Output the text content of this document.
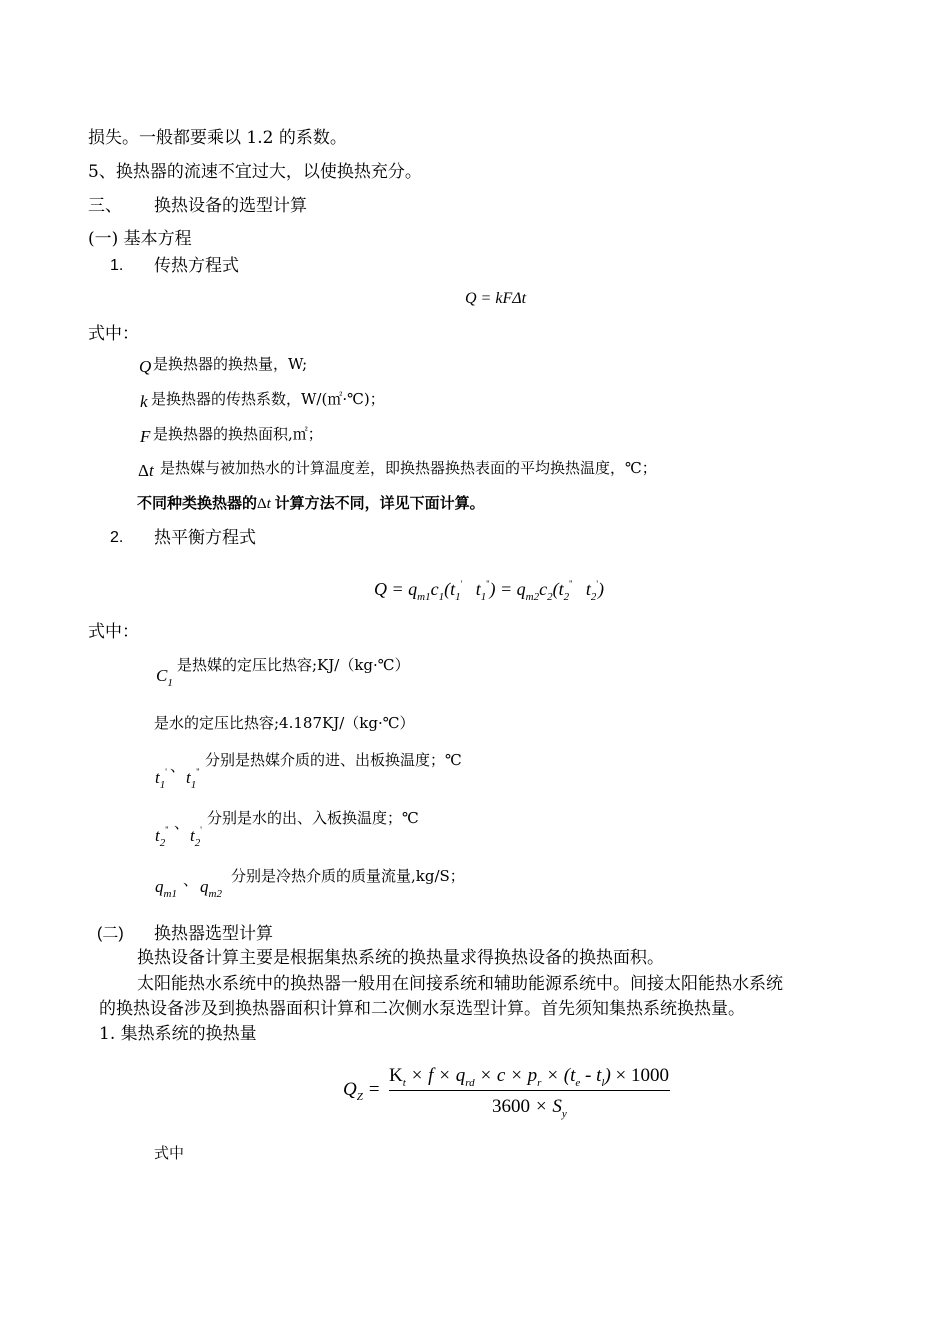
损失。一般都要乘以 1.2 的系数。
5、换热器的流速不宜过大，以使换热充分。
三、 换热设备的选型计算
(一) 基本方程
1. 传热方程式
Q = kFΔt
式中：
Q 是换热器的换热量，W;
k 是换热器的传热系数，W/(㎡·℃)；
F 是换热器的换热面积,㎡；
Δt 是热媒与被加热水的计算温度差，即换热器换热表面的平均换热温度，℃；
不同种类换热器的Δt 计算方法不同，详见下面计算。
2. 热平衡方程式
$Q = q_{m1}c_1(t_1'$   $t_1'') = q_{m2}c_2(t_2''$   $t_2'$)
式中：
$C_1$
是热媒的定压比热容;KJ/（kg·℃）
是水的定压比热容;4.187KJ/（kg·℃）
$t_1'$ 、
$t_1''$
分别是热媒介质的进、出板换温度；℃
$t_2''$ 、
$t_2'$
分别是水的出、入板换温度；℃
$q_{m1}$
、 $q_{m2}$
分别是冷热介质的质量流量,kg/S；
(二) 换热器选型计算
换热设备计算主要是根据集热系统的换热量求得换热设备的换热面积。
太阳能热水系统中的换热器一般用在间接系统和辅助能源系统中。间接太阳能热水系统
的换热设备涉及到换热器面积计算和二次侧水泵选型计算。首先须知集热系统换热量。
1. 集热系统的换热量
$Q_Z$ =
$K_t \times f \times q_{rd} \times c \times p_r \times (t_e - t_l) \times 1000$
$3600 \times S_y$
式中
